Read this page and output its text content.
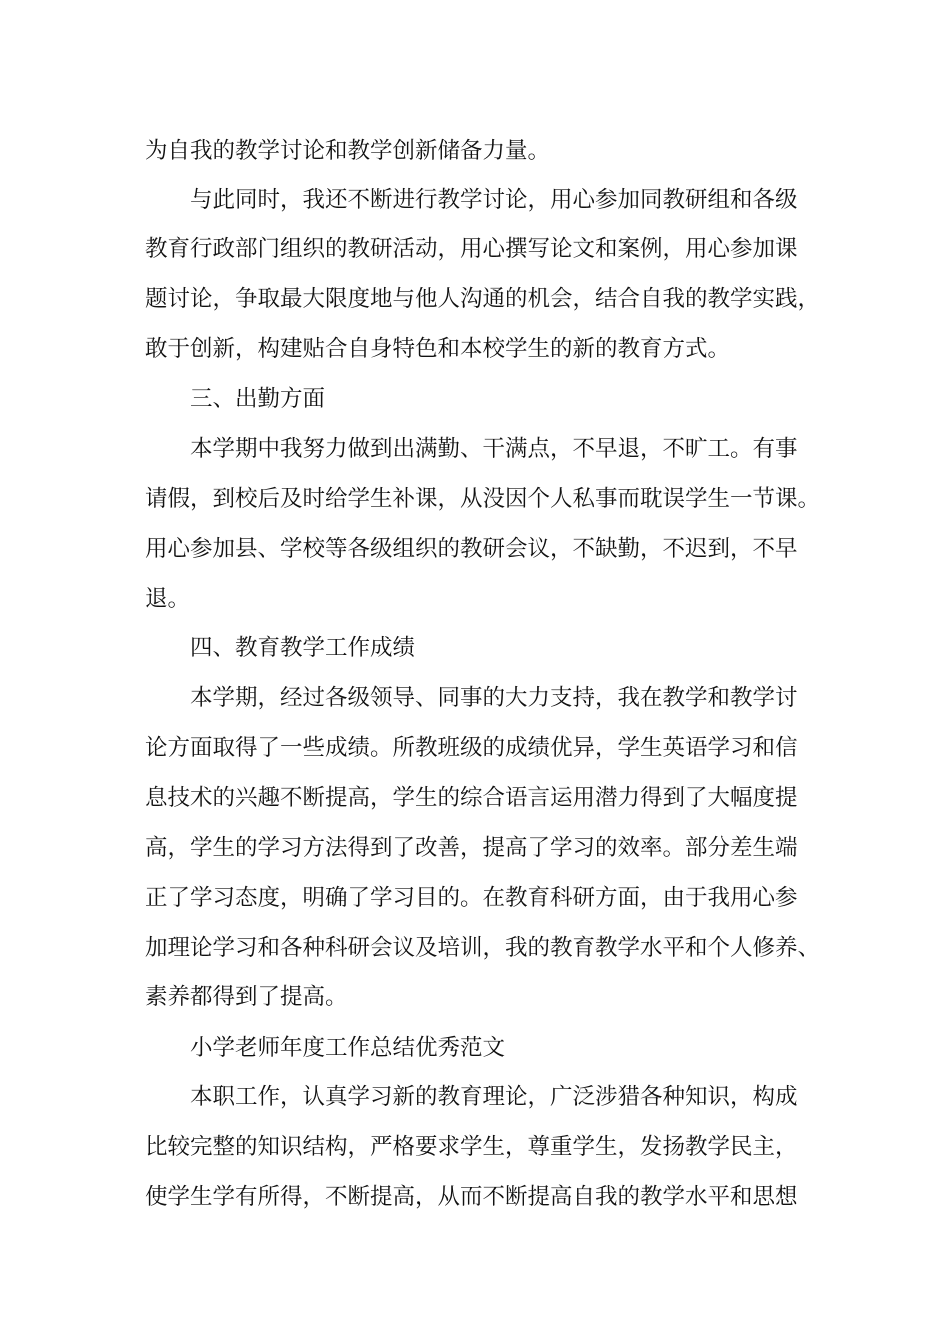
为自我的教学讨论和教学创新储备力量。
与此同时，我还不断进行教学讨论，用心参加同教研组和各级
教育行政部门组织的教研活动，用心撰写论文和案例，用心参加课
题讨论，争取最大限度地与他人沟通的机会，结合自我的教学实践，
敢于创新，构建贴合自身特色和本校学生的新的教育方式。
三、出勤方面
本学期中我努力做到出满勤、干满点，不早退，不旷工。有事
请假，到校后及时给学生补课，从没因个人私事而耽误学生一节课。
用心参加县、学校等各级组织的教研会议，不缺勤，不迟到，不早
退。
四、教育教学工作成绩
本学期，经过各级领导、同事的大力支持，我在教学和教学讨
论方面取得了一些成绩。所教班级的成绩优异，学生英语学习和信
息技术的兴趣不断提高，学生的综合语言运用潜力得到了大幅度提
高，学生的学习方法得到了改善，提高了学习的效率。部分差生端
正了学习态度，明确了学习目的。在教育科研方面，由于我用心参
加理论学习和各种科研会议及培训，我的教育教学水平和个人修养、
素养都得到了提高。
小学老师年度工作总结优秀范文
本职工作，认真学习新的教育理论，广泛涉猎各种知识，构成
比较完整的知识结构，严格要求学生，尊重学生，发扬教学民主，
使学生学有所得，不断提高，从而不断提高自我的教学水平和思想
